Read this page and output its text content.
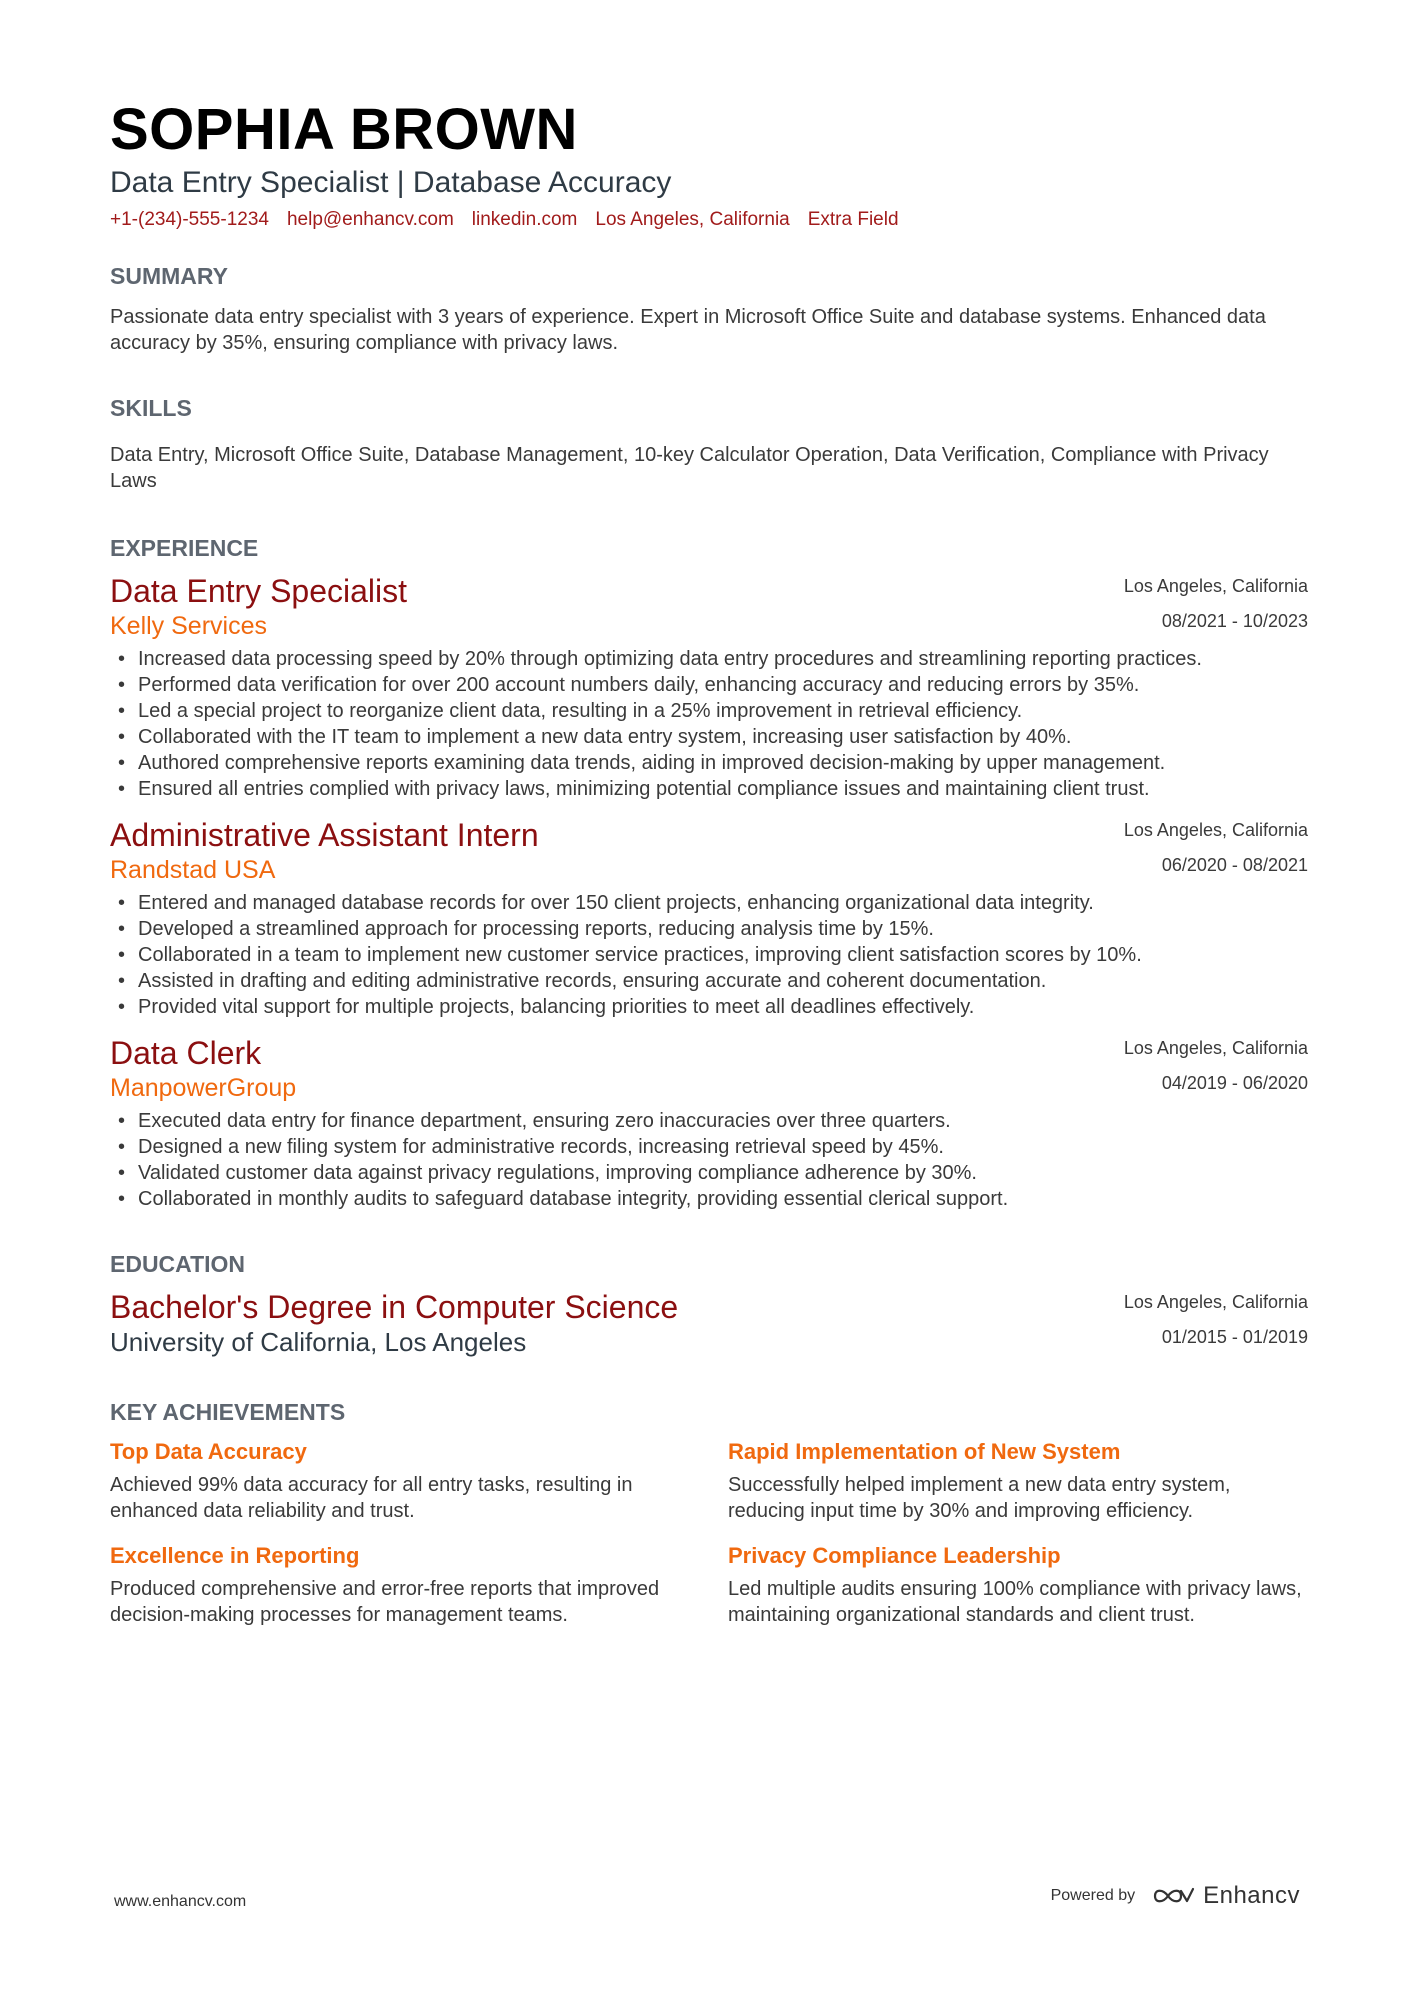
SOPHIA BROWN
Data Entry Specialist | Database Accuracy
+1-(234)-555-1234 help@enhancv.com linkedin.com Los Angeles, California Extra Field
SUMMARY
Passionate data entry specialist with 3 years of experience. Expert in Microsoft Office Suite and database systems. Enhanced data accuracy by 35%, ensuring compliance with privacy laws.
SKILLS
Data Entry, Microsoft Office Suite, Database Management, 10-key Calculator Operation, Data Verification, Compliance with Privacy Laws
EXPERIENCE
Data Entry Specialist
Kelly Services
Los Angeles, California
08/2021 - 10/2023
• Increased data processing speed by 20% through optimizing data entry procedures and streamlining reporting practices.
• Performed data verification for over 200 account numbers daily, enhancing accuracy and reducing errors by 35%.
• Led a special project to reorganize client data, resulting in a 25% improvement in retrieval efficiency.
• Collaborated with the IT team to implement a new data entry system, increasing user satisfaction by 40%.
• Authored comprehensive reports examining data trends, aiding in improved decision-making by upper management.
• Ensured all entries complied with privacy laws, minimizing potential compliance issues and maintaining client trust.
Administrative Assistant Intern
Randstad USA
Los Angeles, California
06/2020 - 08/2021
• Entered and managed database records for over 150 client projects, enhancing organizational data integrity.
• Developed a streamlined approach for processing reports, reducing analysis time by 15%.
• Collaborated in a team to implement new customer service practices, improving client satisfaction scores by 10%.
• Assisted in drafting and editing administrative records, ensuring accurate and coherent documentation.
• Provided vital support for multiple projects, balancing priorities to meet all deadlines effectively.
Data Clerk
ManpowerGroup
Los Angeles, California
04/2019 - 06/2020
• Executed data entry for finance department, ensuring zero inaccuracies over three quarters.
• Designed a new filing system for administrative records, increasing retrieval speed by 45%.
• Validated customer data against privacy regulations, improving compliance adherence by 30%.
• Collaborated in monthly audits to safeguard database integrity, providing essential clerical support.
EDUCATION
Bachelor's Degree in Computer Science
University of California, Los Angeles
Los Angeles, California
01/2015 - 01/2019
KEY ACHIEVEMENTS
Top Data Accuracy
Achieved 99% data accuracy for all entry tasks, resulting in enhanced data reliability and trust.
Rapid Implementation of New System
Successfully helped implement a new data entry system, reducing input time by 30% and improving efficiency.
Excellence in Reporting
Produced comprehensive and error-free reports that improved decision-making processes for management teams.
Privacy Compliance Leadership
Led multiple audits ensuring 100% compliance with privacy laws, maintaining organizational standards and client trust.
www.enhancv.com	Powered by	Enhancv
